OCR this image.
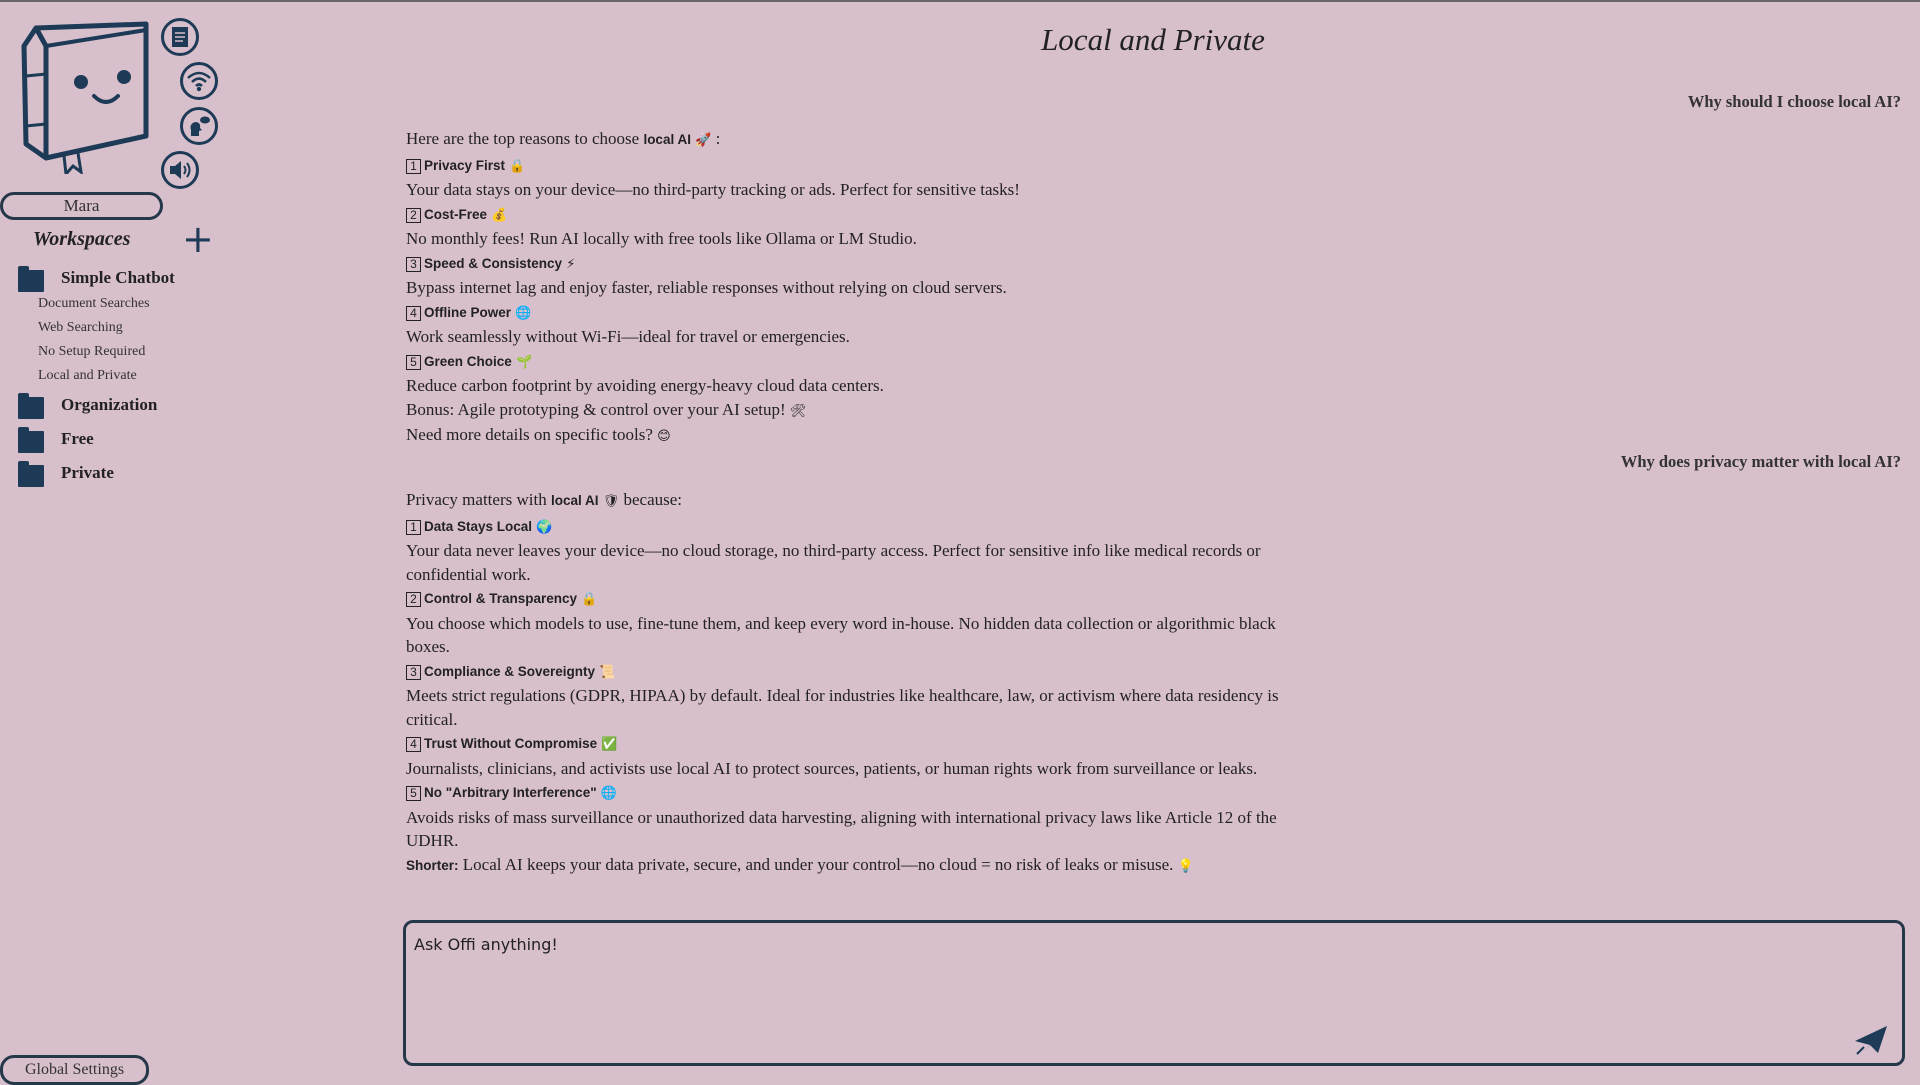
Mara
Workspaces +
Simple Chatbot
Document Searches
Web Searching
No Setup Required
Local and Private
Organization
Free
Private
Global Settings
Local and Private
Why should I choose local AI?
Here are the top reasons to choose local AI 🚀 :
1 Privacy First 🔒
Your data stays on your device—no third-party tracking or ads. Perfect for sensitive tasks!
2 Cost-Free 💰
No monthly fees! Run AI locally with free tools like Ollama or LM Studio.
3 Speed & Consistency ⚡
Bypass internet lag and enjoy faster, reliable responses without relying on cloud servers.
4 Offline Power 🌐
Work seamlessly without Wi-Fi—ideal for travel or emergencies.
5 Green Choice 🌱
Reduce carbon footprint by avoiding energy-heavy cloud data centers.
Bonus: Agile prototyping & control over your AI setup! 🛠
Need more details on specific tools? 😊
Why does privacy matter with local AI?
Privacy matters with local AI 🛡 because:
1 Data Stays Local 🌍
Your data never leaves your device—no cloud storage, no third-party access. Perfect for sensitive info like medical records or confidential work.
2 Control & Transparency 🔒
You choose which models to use, fine-tune them, and keep every word in-house. No hidden data collection or algorithmic black boxes.
3 Compliance & Sovereignty 📜
Meets strict regulations (GDPR, HIPAA) by default. Ideal for industries like healthcare, law, or activism where data residency is critical.
4 Trust Without Compromise ✅
Journalists, clinicians, and activists use local AI to protect sources, patients, or human rights work from surveillance or leaks.
5 No "Arbitrary Interference" 🌐
Avoids risks of mass surveillance or unauthorized data harvesting, aligning with international privacy laws like Article 12 of the UDHR.
Shorter: Local AI keeps your data private, secure, and under your control—no cloud = no risk of leaks or misuse. 💡
Ask Offi anything!
